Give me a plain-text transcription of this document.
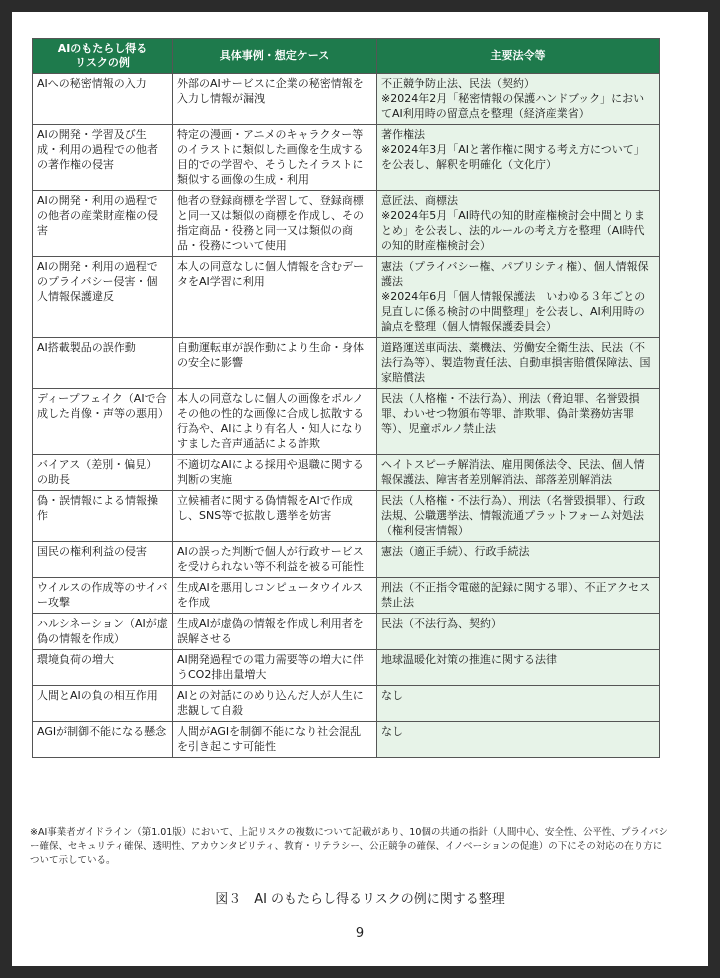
AIのもたらし得る
リスクの例	具体事例・想定ケース	主要法令等
AIへの秘密情報の入力	外部のAIサービスに企業の秘密情報を入力し情報が漏洩	不正競争防止法、民法（契約）
※2024年2月「秘密情報の保護ハンドブック」においてAI利用時の留意点を整理（経済産業省）

AIの開発・学習及び生成・利用の過程での他者の著作権の侵害	特定の漫画・アニメのキャラクター等のイラストに類似した画像を生成する目的での学習や、そうしたイラストに類似する画像の生成・利用	著作権法
※2024年3月「AIと著作権に関する考え方について」を公表し、解釈を明確化（文化庁）

AIの開発・利用の過程での他者の産業財産権の侵害	他者の登録商標を学習して、登録商標と同一又は類似の商標を作成し、その指定商品・役務と同一又は類似の商品・役務について使用	意匠法、商標法
※2024年5月「AI時代の知的財産権検討会中間とりまとめ」を公表し、法的ルールの考え方を整理（AI時代の知的財産権検討会）

AIの開発・利用の過程でのプライバシー侵害・個人情報保護違反	本人の同意なしに個人情報を含むデータをAI学習に利用	憲法（プライバシー権、パブリシティ権）、個人情報保護法
※2024年6月「個人情報保護法　いわゆる３年ごとの見直しに係る検討の中間整理」を公表し、AI利用時の論点を整理（個人情報保護委員会）

AI搭載製品の誤作動	自動運転車が誤作動により生命・身体の安全に影響	道路運送車両法、薬機法、労働安全衛生法、民法（不法行為等）、製造物責任法、自動車損害賠償保障法、国家賠償法
ディープフェイク（AIで合成した肖像・声等の悪用）	本人の同意なしに個人の画像をポルノその他の性的な画像に合成し拡散する行為や、AIにより有名人・知人になりすました音声通話による詐欺	民法（人格権・不法行為）、刑法（脅迫罪、名誉毀損罪、わいせつ物頒布等罪、詐欺罪、偽計業務妨害罪等）、児童ポルノ禁止法
バイアス（差別・偏見）の助長	不適切なAIによる採用や退職に関する判断の実施	ヘイトスピーチ解消法、雇用関係法令、民法、個人情報保護法、障害者差別解消法、部落差別解消法
偽・誤情報による情報操作	立候補者に関する偽情報をAIで作成し、SNS等で拡散し選挙を妨害	民法（人格権・不法行為）、刑法（名誉毀損罪）、行政法規、公職選挙法、情報流通プラットフォーム対処法（権利侵害情報）
国民の権利利益の侵害	AIの誤った判断で個人が行政サービスを受けられない等不利益を被る可能性	憲法（適正手続）、行政手続法
ウイルスの作成等のサイバー攻撃	生成AIを悪用しコンピュータウイルスを作成	刑法（不正指令電磁的記録に関する罪）、不正アクセス禁止法
ハルシネーション（AIが虚偽の情報を作成）	生成AIが虚偽の情報を作成し利用者を誤解させる	民法（不法行為、契約）
環境負荷の増大	AI開発過程での電力需要等の増大に伴うCO2排出量増大	地球温暖化対策の推進に関する法律
人間とAIの負の相互作用	AIとの対話にのめり込んだ人が人生に悲観して自殺	なし
AGIが制御不能になる懸念	人間がAGIを制御不能になり社会混乱を引き起こす可能性	なし
※AI事業者ガイドライン（第1.01版）において、上記リスクの複数について記載があり、10個の共通の指針（人間中心、安全性、公平性、プライバシー確保、セキュリティ確保、透明性、アカウンタビリティ、教育・リテラシー、公正競争の確保、イノベーションの促進）の下にその対応の在り方について示している。
図３　AI のもたらし得るリスクの例に関する整理
9
